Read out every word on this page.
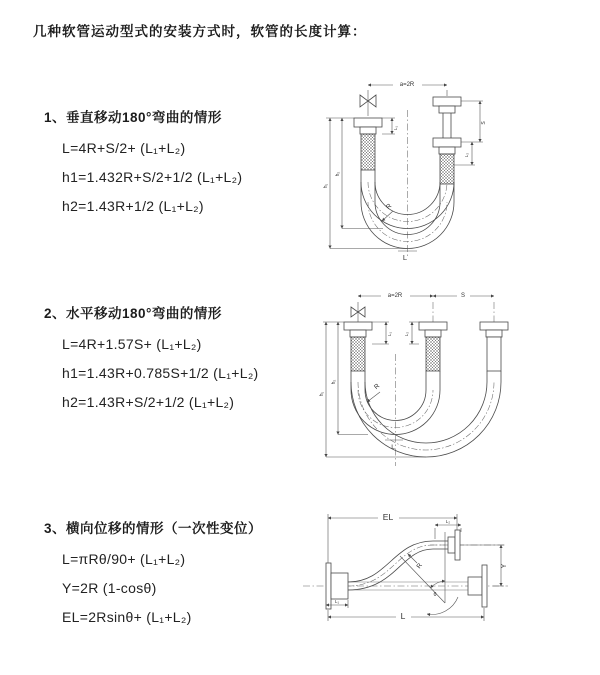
几种软管运动型式的安装方式时，软管的长度计算：
1、垂直移动180°弯曲的情形
L=4R+S/2+ (L₁+L₂)
h1=1.432R+S/2+1/2 (L₁+L₂)
h2=1.43R+1/2 (L₁+L₂)
2、水平移动180°弯曲的情形
L=4R+1.57S+ (L₁+L₂)
h1=1.43R+0.785S+1/2 (L₁+L₂)
h2=1.43R+S/2+1/2 (L₁+L₂)
3、横向位移的情形（一次性变位）
L=πRθ/90+ (L₁+L₂)
Y=2R (1-cosθ)
EL=2Rsinθ+ (L₁+L₂)
a=2R
L₁
S
L₂
h₁
h₂
R
L
a=2R	S
L₁	L₂
h₁
h₂
R
L
EL	L₂
Y
θ
R
L
L₁
